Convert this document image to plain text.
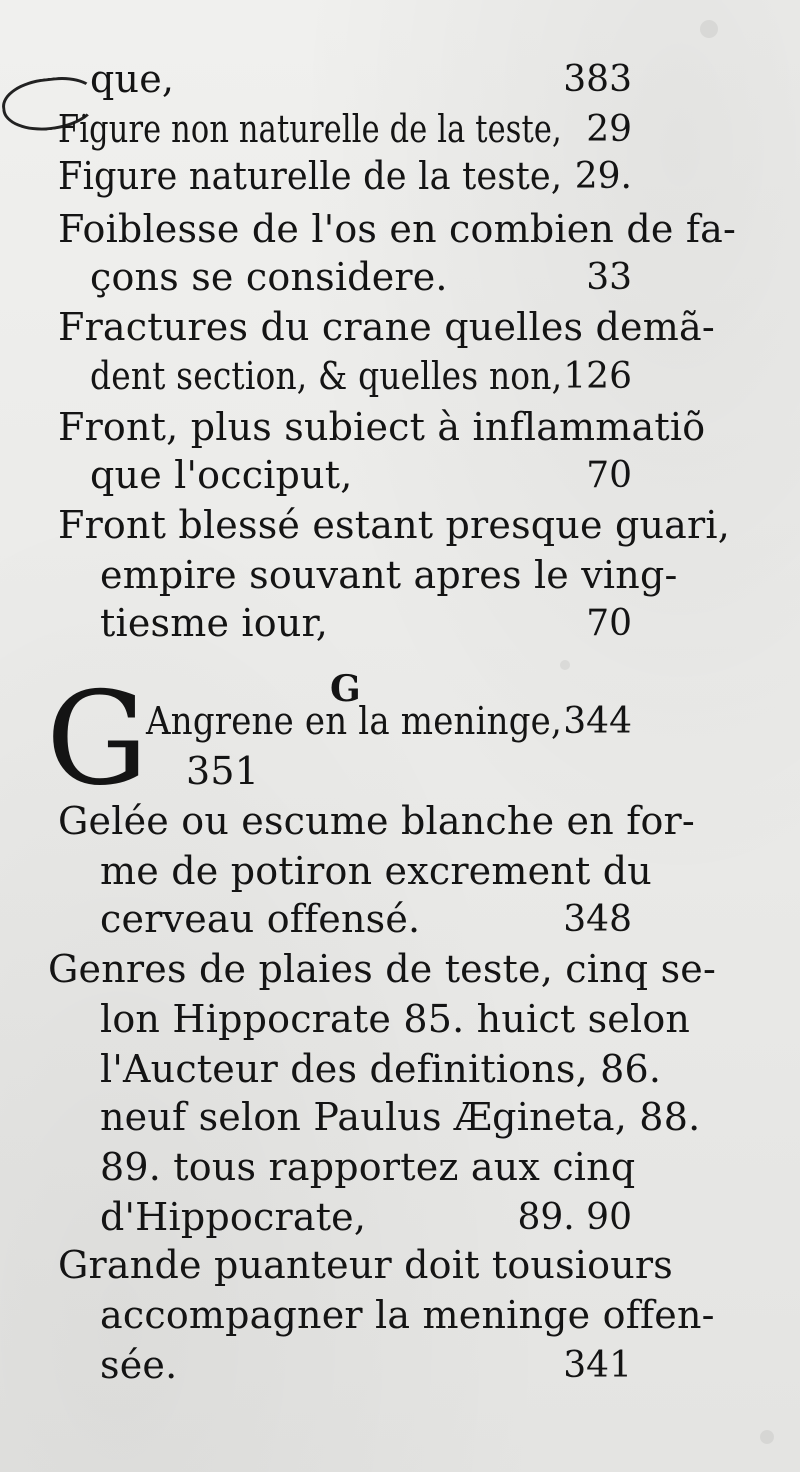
que,	383
Figure non naturelle de la teste, 29
Figure naturelle de la teste, 29.
Foiblesse de l'os en combien de fa-
çons se considere.	33
Fractures du crane quelles demã-
dent section, & quelles non, 126
Front, plus subiect à inflammatiõ
que l'occiput,	70
Front blessé estant presque guari,
empire souvant apres le ving-
tiesme iour,	70
G
G
Angrene en la meninge, 344
351
Gelée ou escume blanche en for-
me de potiron excrement du
cerveau offensé.	348
Genres de plaies de teste, cinq se-
lon Hippocrate 85. huict selon
l'Aucteur des definitions, 86.
neuf selon Paulus Ægineta, 88.
89. tous rapportez aux cinq
d'Hippocrate,	89. 90
Grande puanteur doit tousiours
accompagner la meninge offen-
sée.	341
